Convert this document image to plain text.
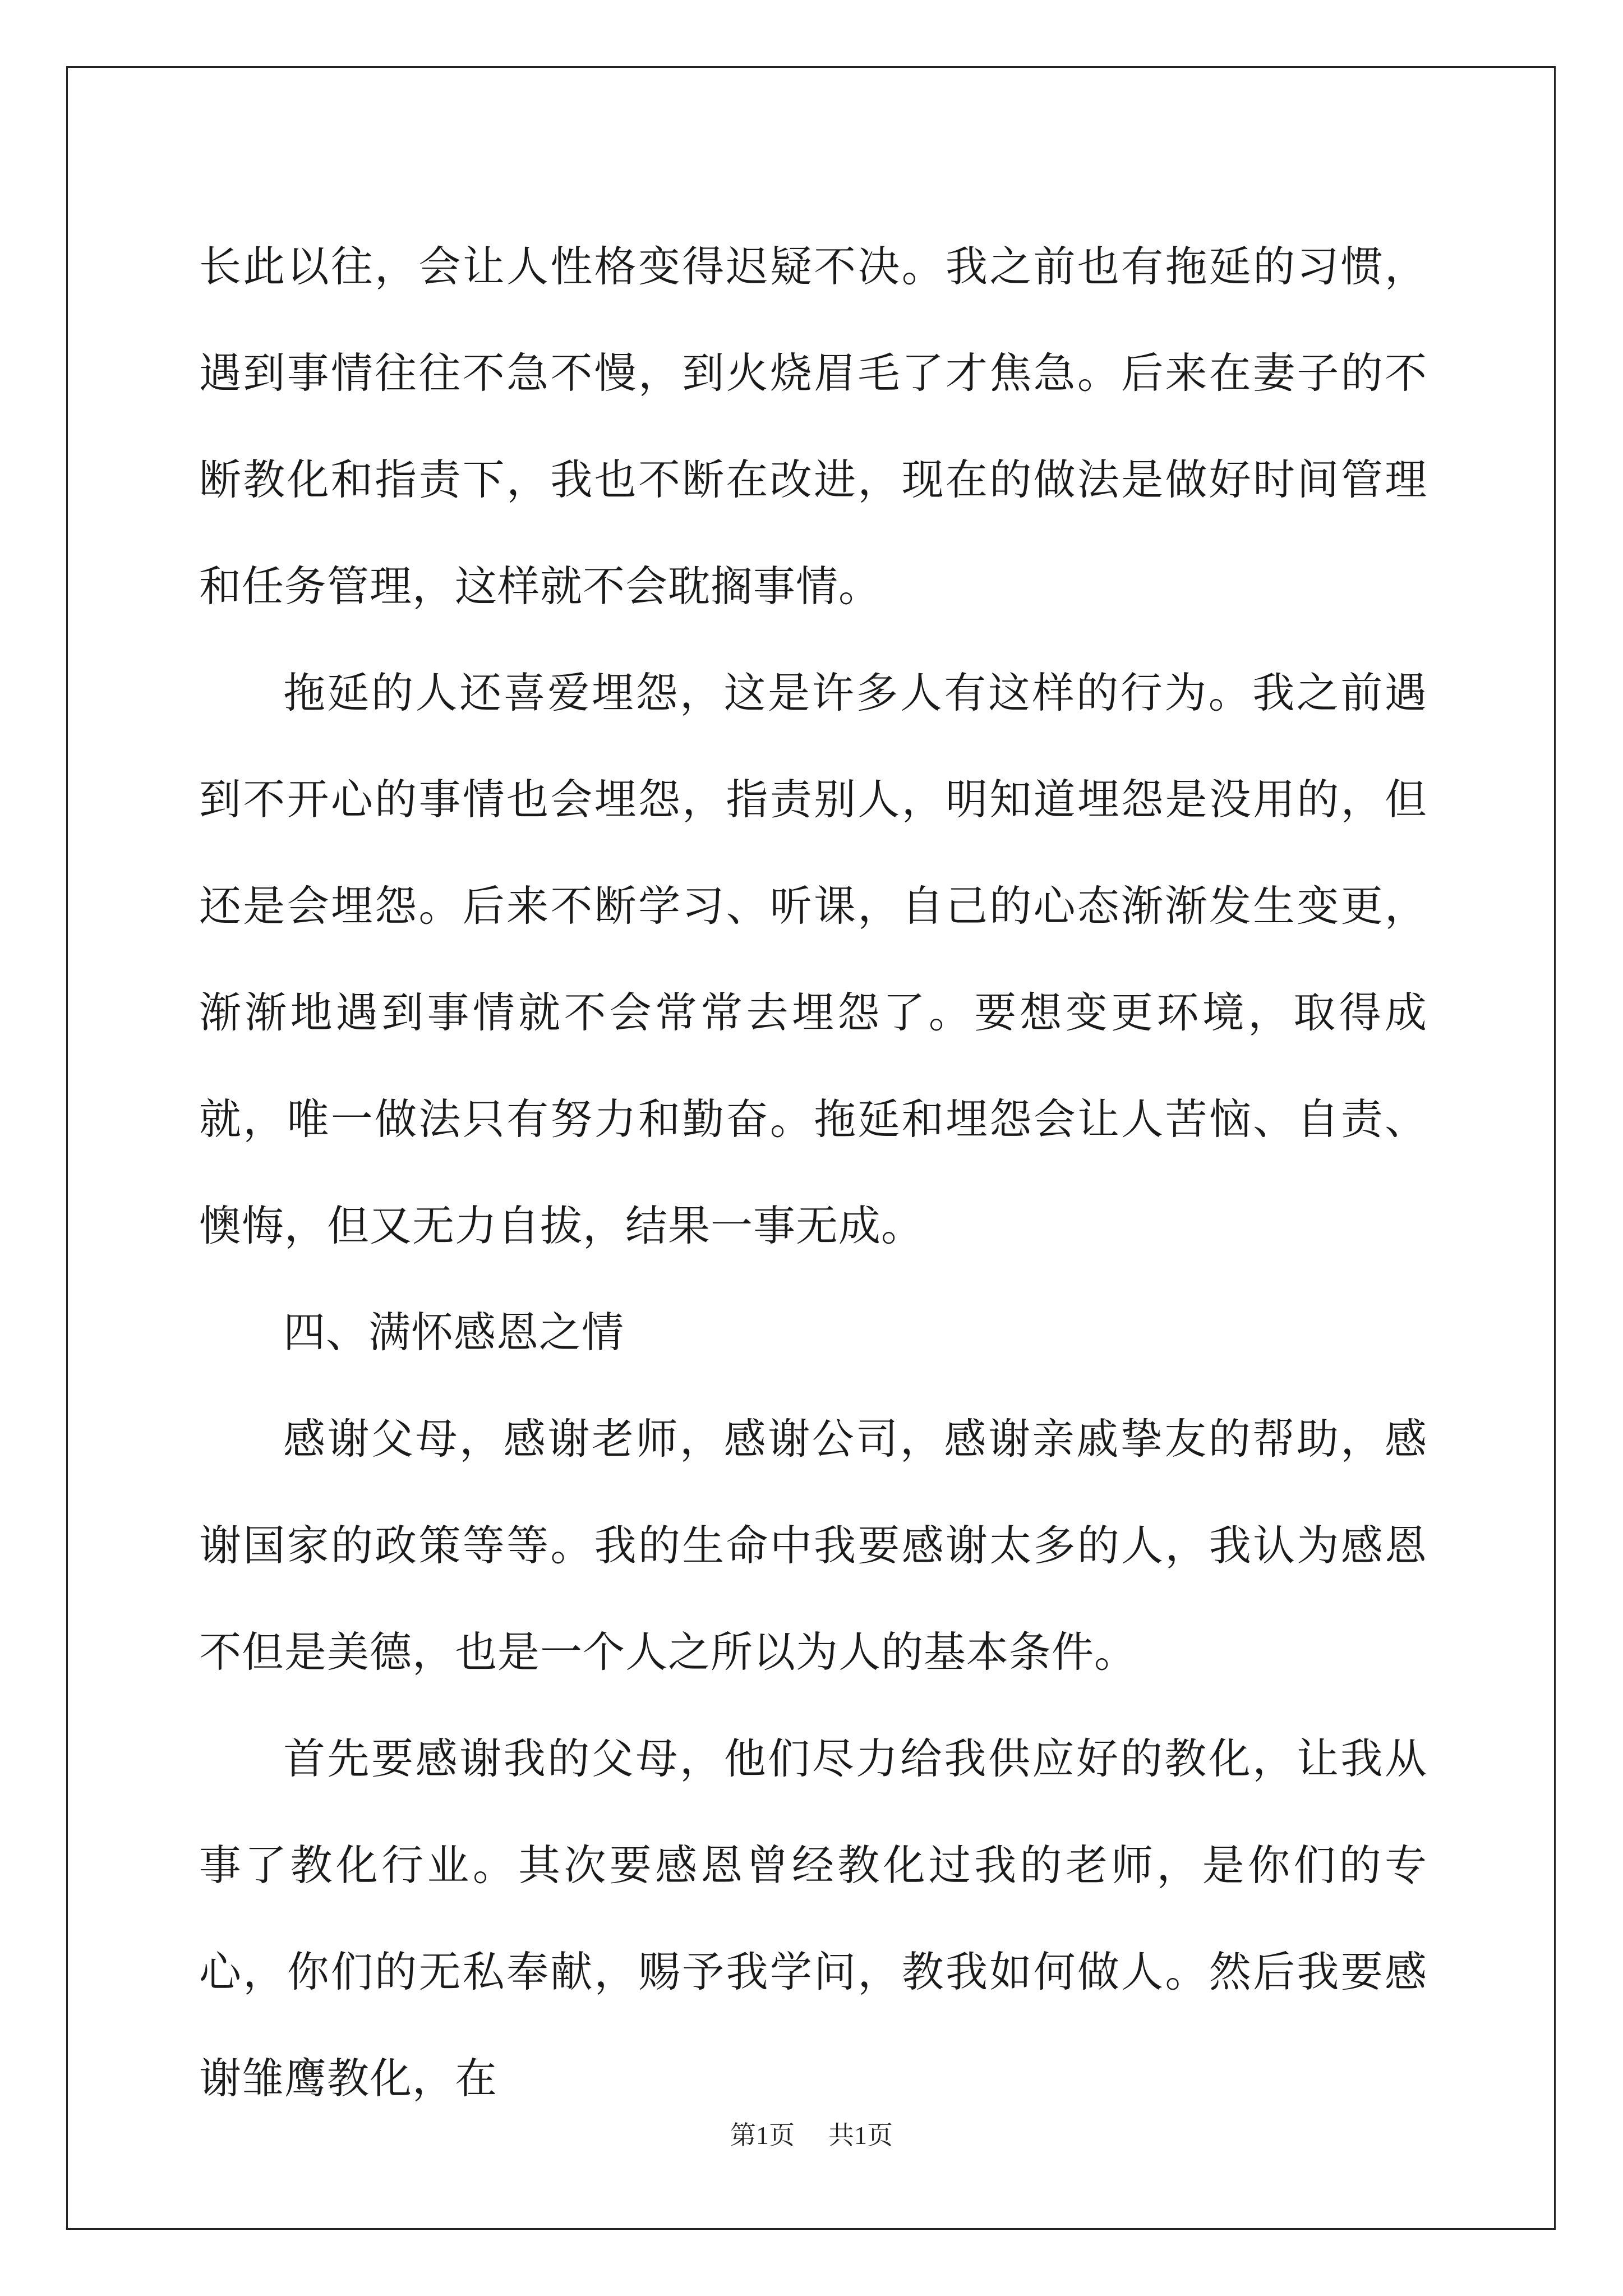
长此以往，会让人性格变得迟疑不决。我之前也有拖延的习惯，遇到事情往往不急不慢，到火烧眉毛了才焦急。后来在妻子的不断教化和指责下，我也不断在改进，现在的做法是做好时间管理和任务管理，这样就不会耽搁事情。

拖延的人还喜爱埋怨，这是许多人有这样的行为。我之前遇到不开心的事情也会埋怨，指责别人，明知道埋怨是没用的，但还是会埋怨。后来不断学习、听课，自己的心态渐渐发生变更，渐渐地遇到事情就不会常常去埋怨了。要想变更环境，取得成就，唯一做法只有努力和勤奋。拖延和埋怨会让人苦恼、自责、懊悔，但又无力自拔，结果一事无成。

四、满怀感恩之情

感谢父母，感谢老师，感谢公司，感谢亲戚挚友的帮助，感谢国家的政策等等。我的生命中我要感谢太多的人，我认为感恩不但是美德，也是一个人之所以为人的基本条件。

首先要感谢我的父母，他们尽力给我供应好的教化，让我从事了教化行业。其次要感恩曾经教化过我的老师，是你们的专心，你们的无私奉献，赐予我学问，教我如何做人。然后我要感谢雏鹰教化，在

第1页 共1页
